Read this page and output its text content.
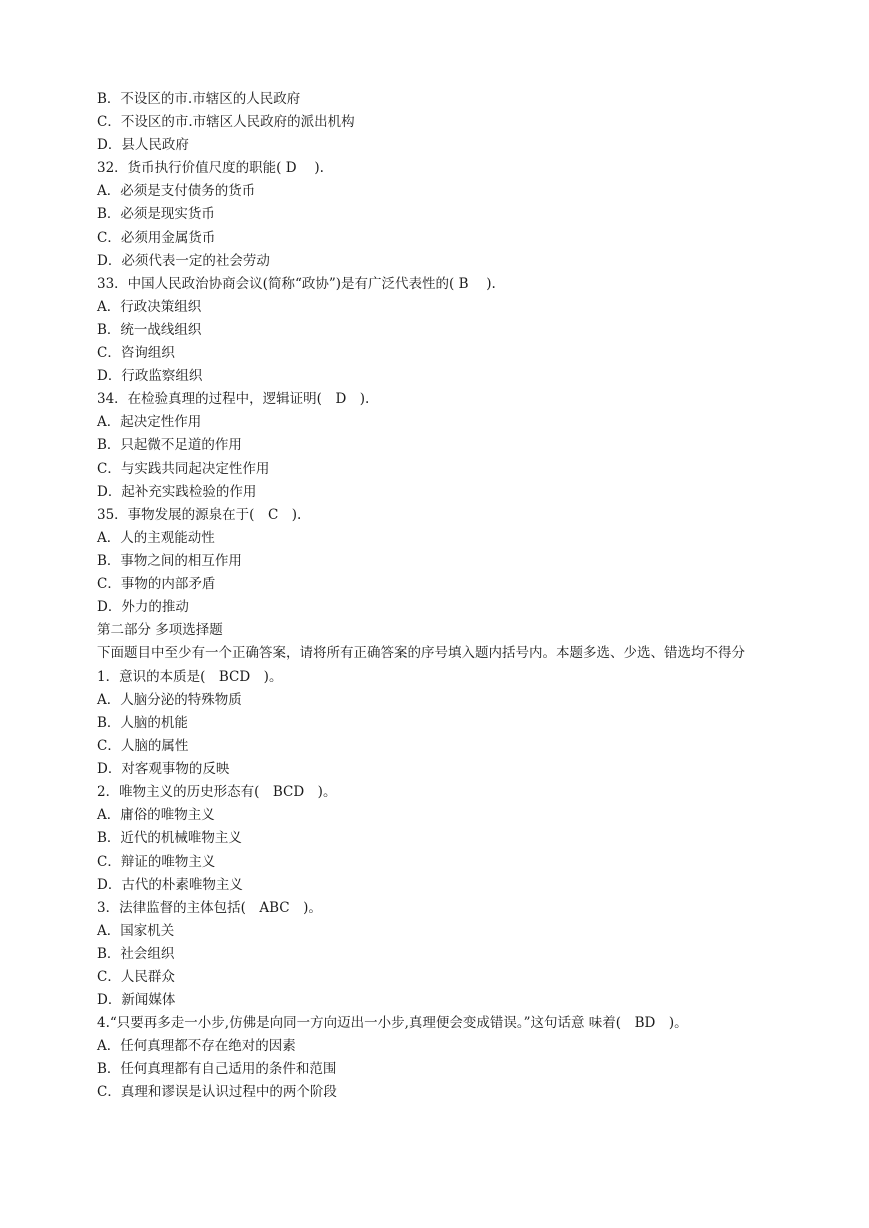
B．不设区的市.市辖区的人民政府
C．不设区的市.市辖区人民政府的派出机构
D．县人民政府
32．货币执行价值尺度的职能( D　 ).
A．必须是支付债务的货币
B．必须是现实货币
C．必须用金属货币
D．必须代表一定的社会劳动
33．中国人民政治协商会议(简称“政协”)是有广泛代表性的( B　 ).
A．行政决策组织
B．统一战线组织
C．咨询组织
D．行政监察组织
34．在检验真理的过程中，逻辑证明(　D　).
A．起决定性作用
B．只起微不足道的作用
C．与实践共同起决定性作用
D．起补充实践检验的作用
35．事物发展的源泉在于(　C　).
A．人的主观能动性
B．事物之间的相互作用
C．事物的内部矛盾
D．外力的推动
第二部分 多项选择题
下面题目中至少有一个正确答案，请将所有正确答案的序号填入题内括号内。本题多选、少选、错选均不得分
1．意识的本质是(　BCD　)。
A．人脑分泌的特殊物质
B．人脑的机能
C．人脑的属性
D．对客观事物的反映
2．唯物主义的历史形态有(　BCD　)。
A．庸俗的唯物主义
B．近代的机械唯物主义
C．辩证的唯物主义
D．古代的朴素唯物主义
3．法律监督的主体包括(　ABC　)。
A．国家机关
B．社会组织
C．人民群众
D．新闻媒体
4.“只要再多走一小步,仿佛是向同一方向迈出一小步,真理便会变成错误。”这句话意 味着(　BD　)。
A．任何真理都不存在绝对的因素
B．任何真理都有自己适用的条件和范围
C．真理和谬误是认识过程中的两个阶段
